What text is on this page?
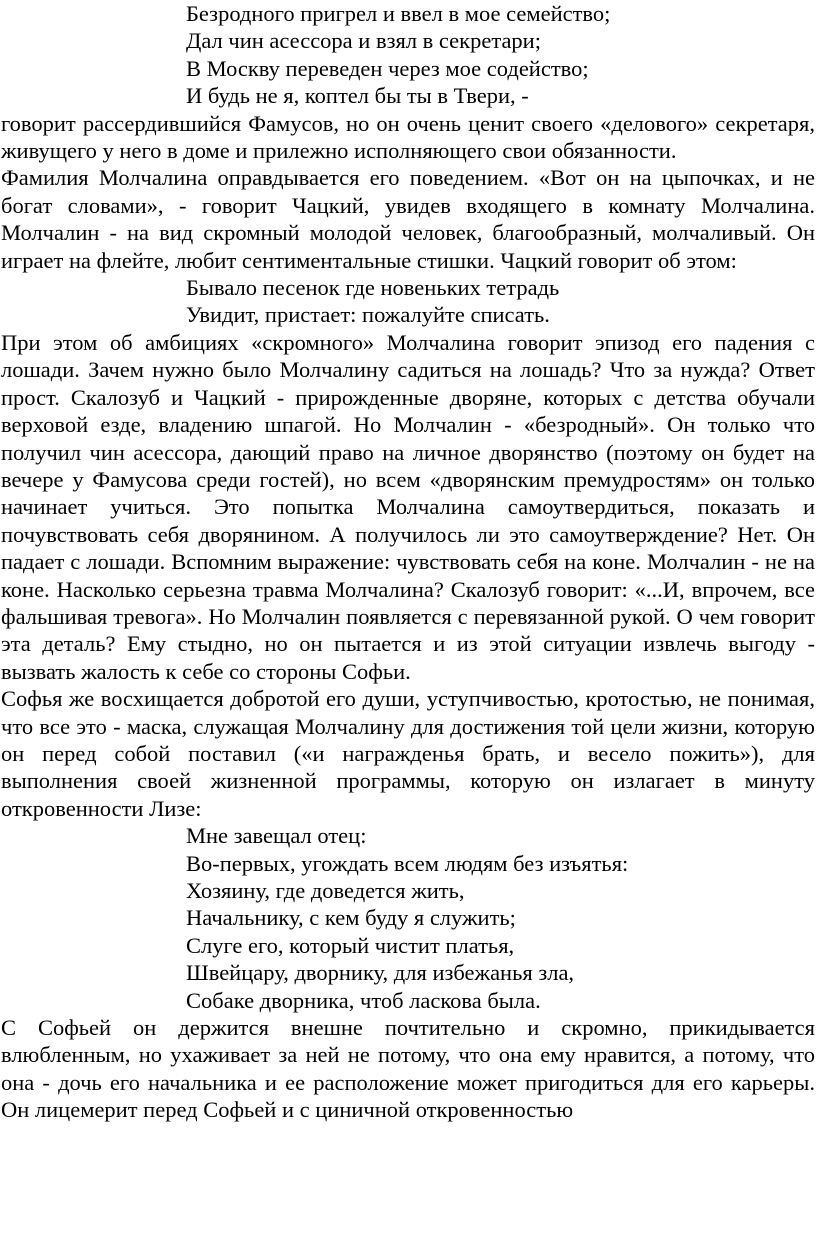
Безродного пригрел и ввел в мое семейство;
Дал чин асессора и взял в секретари;
В Москву переведен через мое содейство;
И будь не я, коптел бы ты в Твери, -

говорит рассердившийся Фамусов, но он очень ценит своего «делового» секретаря, живущего у него в доме и прилежно исполняющего свои обязанности.

Фамилия Молчалина оправдывается его поведением. «Вот он на цыпочках, и не богат словами», - говорит Чацкий, увидев входящего в комнату Молчалина. Молчалин - на вид скромный молодой человек, благообразный, молчаливый. Он играет на флейте, любит сентиментальные стишки. Чацкий говорит об этом:

Бывало песенок где новеньких тетрадь
Увидит, пристает: пожалуйте списать.

При этом об амбициях «скромного» Молчалина говорит эпизод его падения с лошади. Зачем нужно было Молчалину садиться на лошадь? Что за нужда? Ответ прост. Скалозуб и Чацкий - прирожденные дворяне, которых с детства обучали верховой езде, владению шпагой. Но Молчалин - «безродный». Он только что получил чин асессора, дающий право на личное дворянство (поэтому он будет на вечере у Фамусова среди гостей), но всем «дворянским премудростям» он только начинает учиться. Это попытка Молчалина самоутвердиться, показать и почувствовать себя дворянином. А получилось ли это самоутверждение? Нет. Он падает с лошади. Вспомним выражение: чувствовать себя на коне. Молчалин - не на коне. Насколько серьезна травма Молчалина? Скалозуб говорит: «...И, впрочем, все фальшивая тревога». Но Молчалин появляется с перевязанной рукой. О чем говорит эта деталь? Ему стыдно, но он пытается и из этой ситуации извлечь выгоду - вызвать жалость к себе со стороны Софьи.

Софья же восхищается добротой его души, уступчивостью, кротостью, не понимая, что все это - маска, служащая Молчалину для достижения той цели жизни, которую он перед собой поставил («и награжденья брать, и весело пожить»), для выполнения своей жизненной программы, которую он излагает в минуту откровенности Лизе:

Мне завещал отец:
Во-первых, угождать всем людям без изъятья:
Хозяину, где доведется жить,
Начальнику, с кем буду я служить;
Слуге его, который чистит платья,
Швейцару, дворнику, для избежанья зла,
Собаке дворника, чтоб ласкова была.

С Софьей он держится внешне почтительно и скромно, прикидывается влюбленным, но ухаживает за ней не потому, что она ему нравится, а потому, что она - дочь его начальника и ее расположение может пригодиться для его карьеры. Он лицемерит перед Софьей и с циничной откровенностью
